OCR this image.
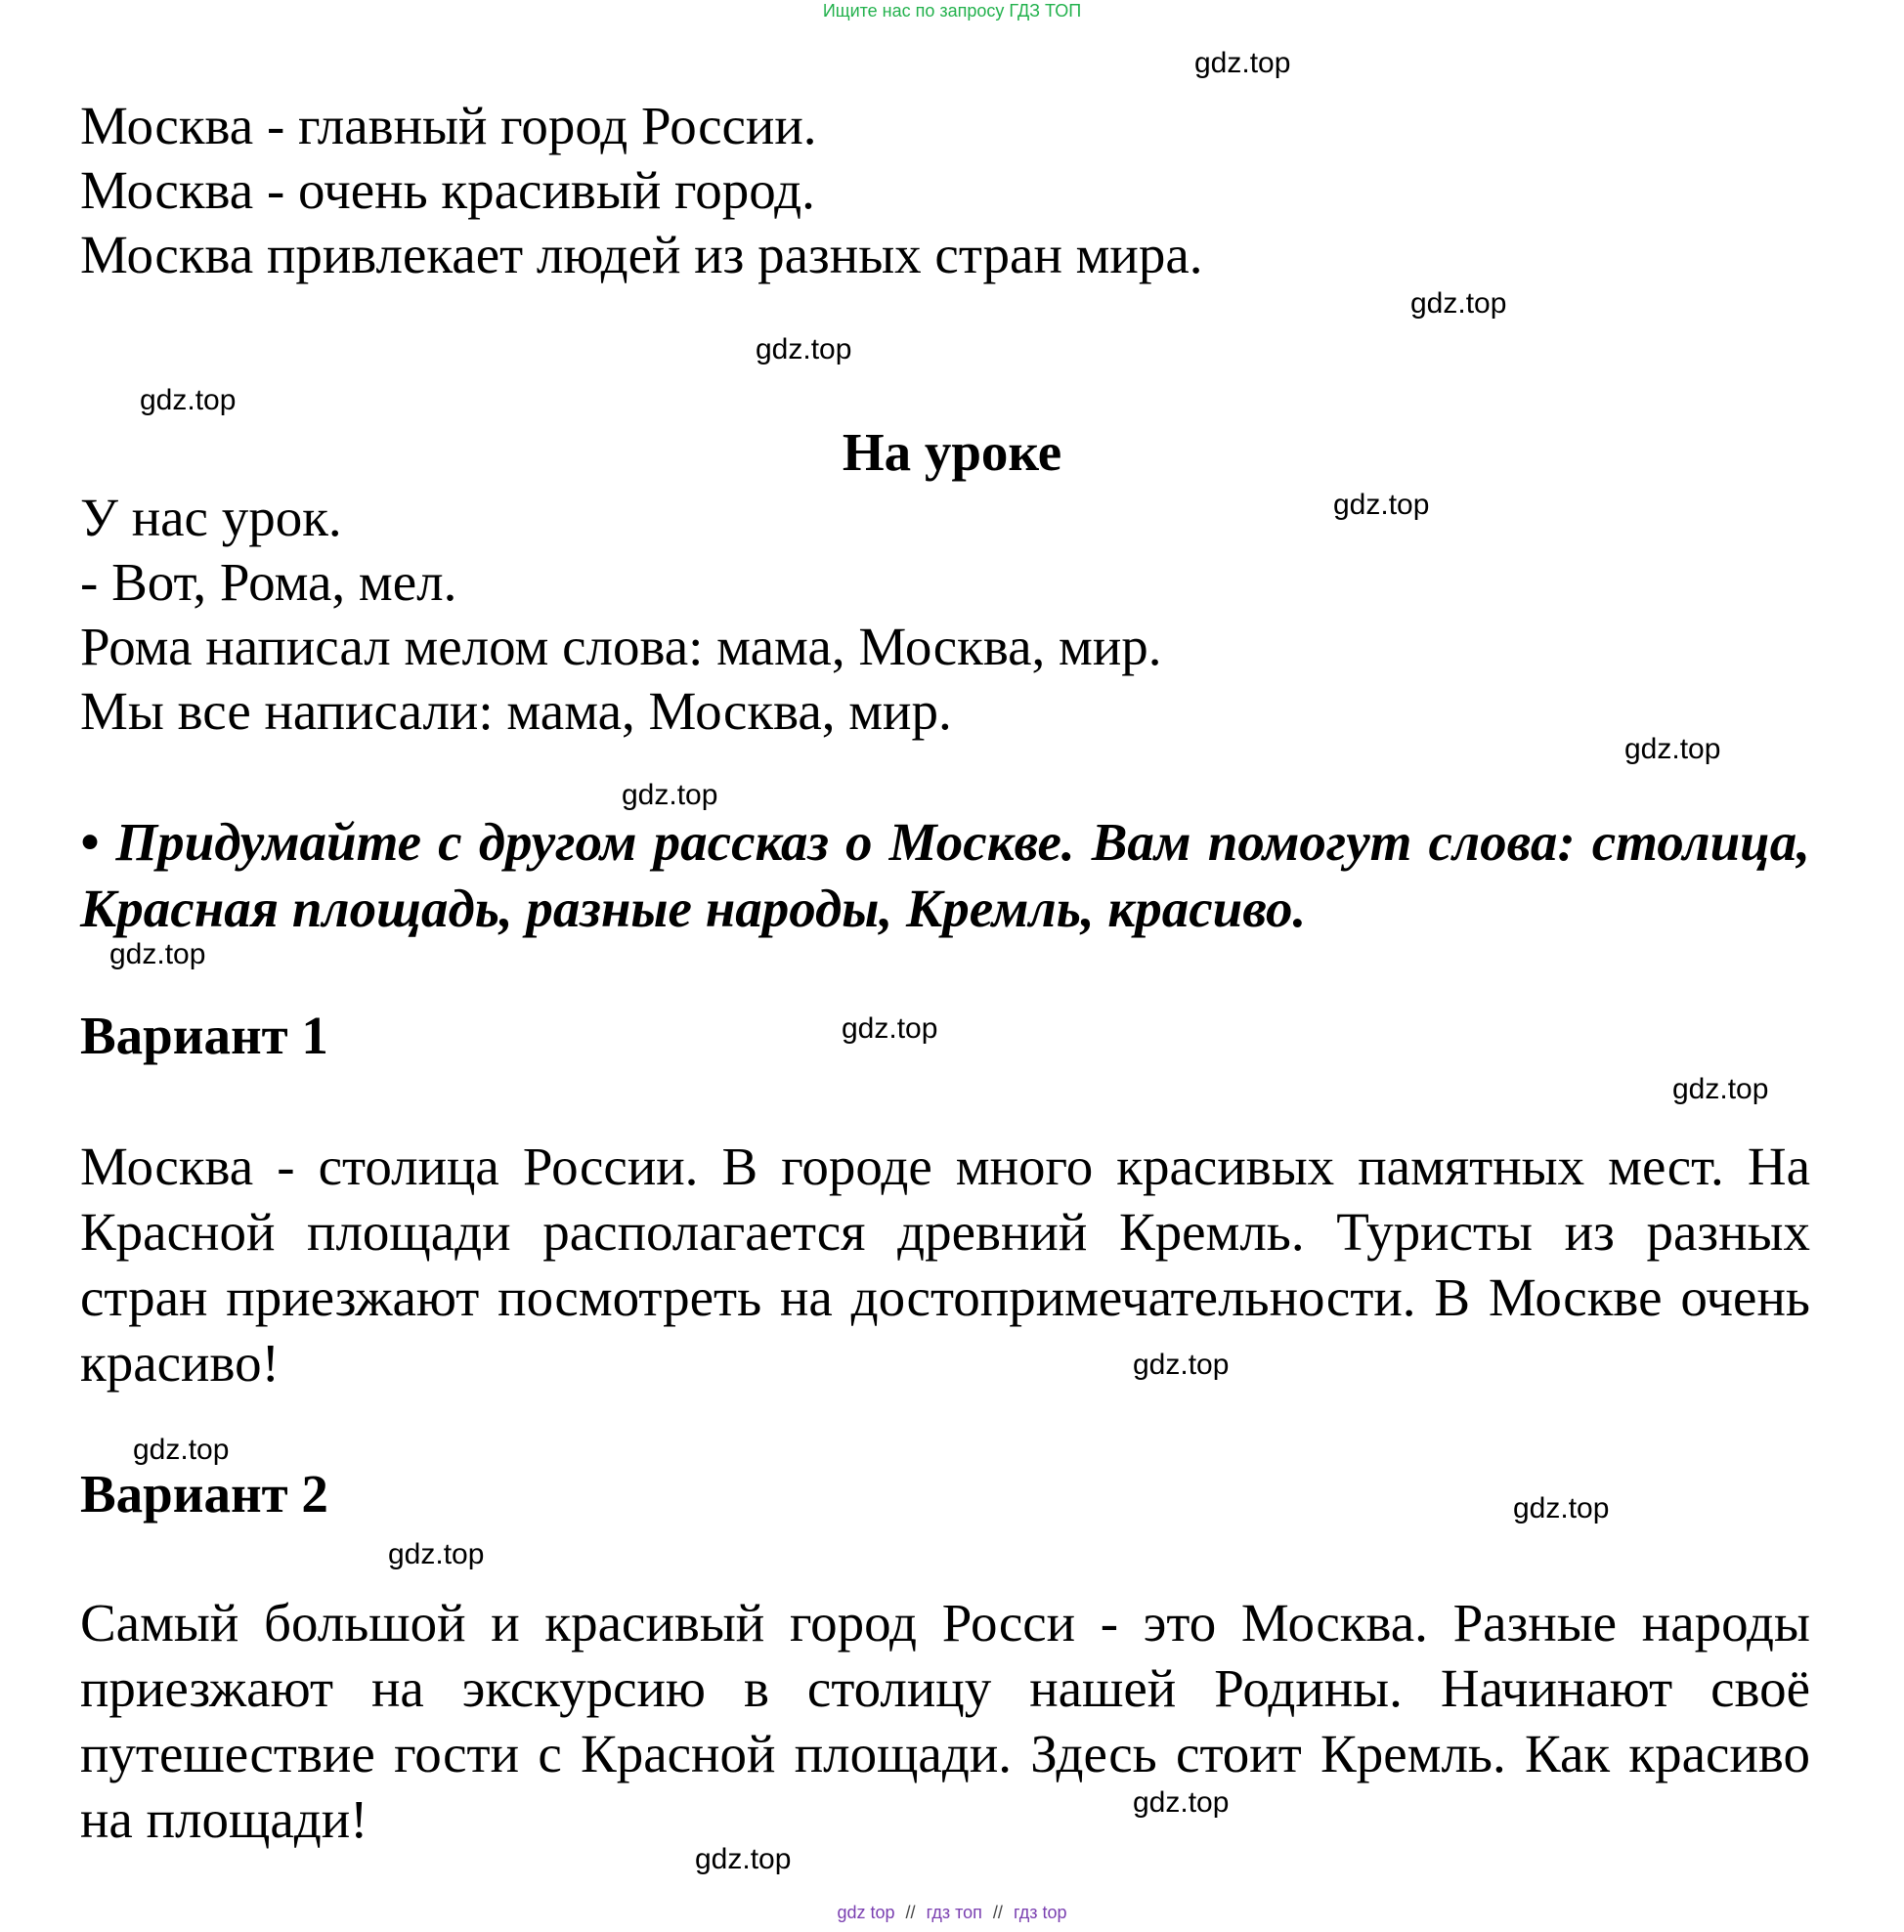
Ищите нас по запросу ГДЗ ТОП
Москва - главный город России.
Москва - очень красивый город.
Москва привлекает людей из разных стран мира.
На уроке
У нас урок.
- Вот, Рома, мел.
Рома написал мелом слова: мама, Москва, мир.
Мы все написали: мама, Москва, мир.
• Придумайте с другом рассказ о Москве. Вам помогут слова: столица, Красная площадь, разные народы, Кремль, красиво.
Вариант 1
Москва - столица России. В городе много красивых памятных мест. На Красной площади располагается древний Кремль. Туристы из разных стран приезжают посмотреть на достопримечательности. В Москве очень красиво!
Вариант 2
Самый большой и красивый город Росси - это Москва. Разные народы приезжают на экскурсию в столицу нашей Родины. Начинают своё путешествие гости с Красной площади. Здесь стоит Кремль. Как красиво на площади!
gdz.top
gdz.top
gdz.top
gdz.top
gdz.top
gdz.top
gdz.top
gdz.top
gdz.top
gdz.top
gdz.top
gdz.top
gdz.top
gdz.top
gdz.top
gdz.top
gdz top // гдз топ // гдз top
